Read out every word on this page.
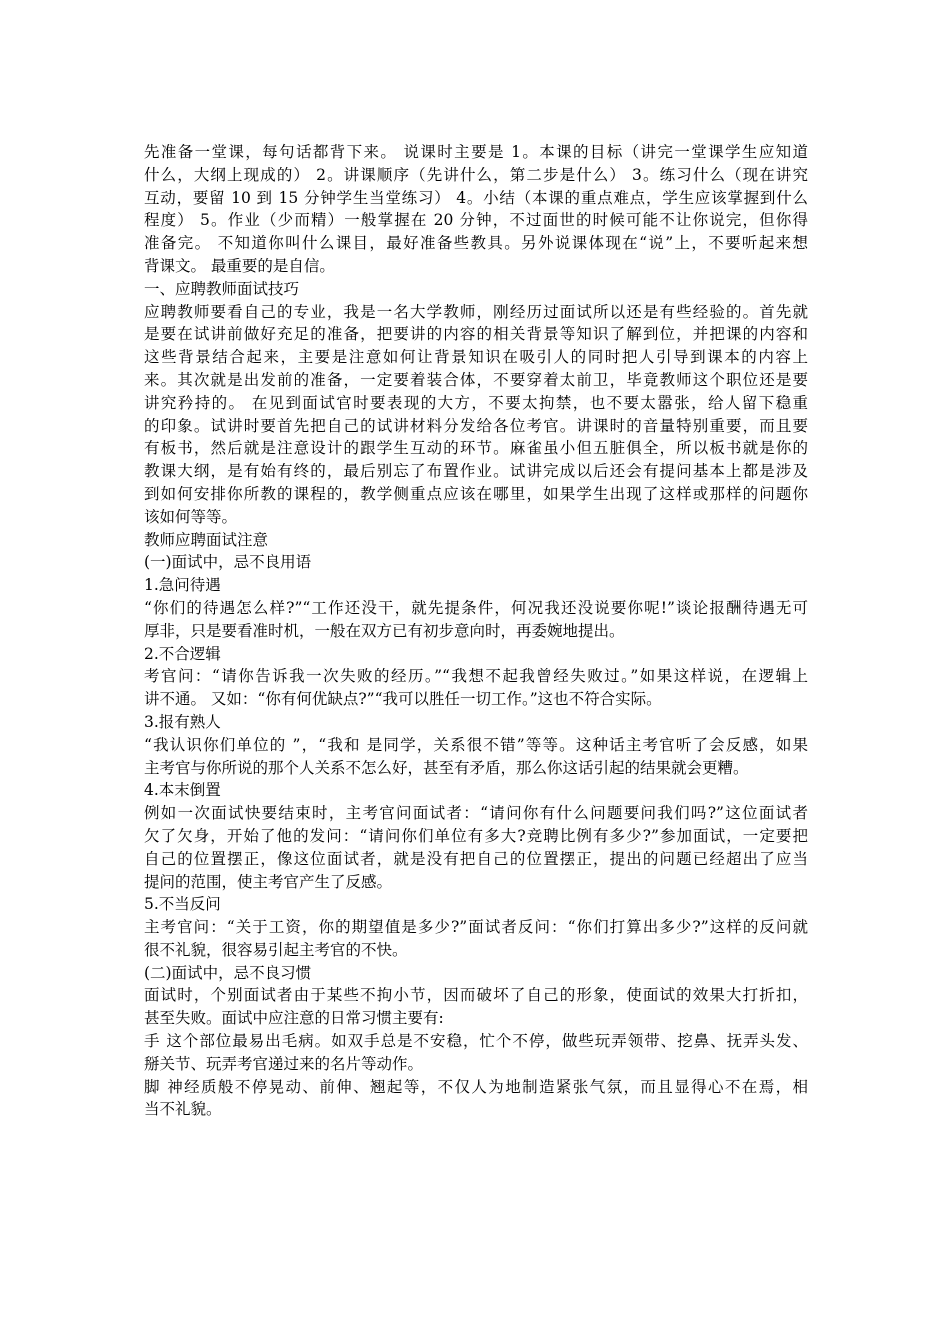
先准备一堂课，每句话都背下来。 说课时主要是 1。本课的目标（讲完一堂课学生应知道
什么，大纲上现成的） 2。讲课顺序（先讲什么，第二步是什么） 3。练习什么（现在讲究
互动，要留 10 到 15 分钟学生当堂练习） 4。小结（本课的重点难点，学生应该掌握到什么
程度） 5。作业（少而精）一般掌握在 20 分钟，不过面世的时候可能不让你说完，但你得
准备完。 不知道你叫什么课目，最好准备些教具。另外说课体现在“说”上，不要听起来想
背课文。 最重要的是自信。
一、应聘教师面试技巧
应聘教师要看自己的专业，我是一名大学教师，刚经历过面试所以还是有些经验的。首先就
是要在试讲前做好充足的准备，把要讲的内容的相关背景等知识了解到位，并把课的内容和
这些背景结合起来，主要是注意如何让背景知识在吸引人的同时把人引导到课本的内容上
来。其次就是出发前的准备，一定要着装合体，不要穿着太前卫，毕竟教师这个职位还是要
讲究矜持的。 在见到面试官时要表现的大方，不要太拘禁，也不要太嚣张，给人留下稳重
的印象。试讲时要首先把自己的试讲材料分发给各位考官。讲课时的音量特别重要，而且要
有板书，然后就是注意设计的跟学生互动的环节。麻雀虽小但五脏俱全，所以板书就是你的
教课大纲，是有始有终的，最后别忘了布置作业。试讲完成以后还会有提问基本上都是涉及
到如何安排你所教的课程的，教学侧重点应该在哪里，如果学生出现了这样或那样的问题你
该如何等等。
教师应聘面试注意
(一)面试中，忌不良用语
1.急问待遇
“你们的待遇怎么样?”“工作还没干，就先提条件，何况我还没说要你呢!”谈论报酬待遇无可
厚非，只是要看准时机，一般在双方已有初步意向时，再委婉地提出。
2.不合逻辑
考官问：“请你告诉我一次失败的经历。”“我想不起我曾经失败过。”如果这样说，在逻辑上
讲不通。 又如：“你有何优缺点?”“我可以胜任一切工作。”这也不符合实际。
3.报有熟人
“我认识你们单位的 ”，“我和 是同学，关系很不错”等等。这种话主考官听了会反感，如果
主考官与你所说的那个人关系不怎么好，甚至有矛盾，那么你这话引起的结果就会更糟。
4.本末倒置
例如一次面试快要结束时，主考官问面试者：“请问你有什么问题要问我们吗?”这位面试者
欠了欠身，开始了他的发问：“请问你们单位有多大?竞聘比例有多少?”参加面试，一定要把
自己的位置摆正，像这位面试者，就是没有把自己的位置摆正，提出的问题已经超出了应当
提问的范围，使主考官产生了反感。
5.不当反问
主考官问：“关于工资，你的期望值是多少?”面试者反问：“你们打算出多少?”这样的反问就
很不礼貌，很容易引起主考官的不快。
(二)面试中，忌不良习惯
面试时，个别面试者由于某些不拘小节，因而破坏了自己的形象，使面试的效果大打折扣，
甚至失败。面试中应注意的日常习惯主要有:
手 这个部位最易出毛病。如双手总是不安稳，忙个不停，做些玩弄领带、挖鼻、抚弄头发、
掰关节、玩弄考官递过来的名片等动作。
脚 神经质般不停晃动、前伸、翘起等，不仅人为地制造紧张气氛，而且显得心不在焉，相
当不礼貌。
